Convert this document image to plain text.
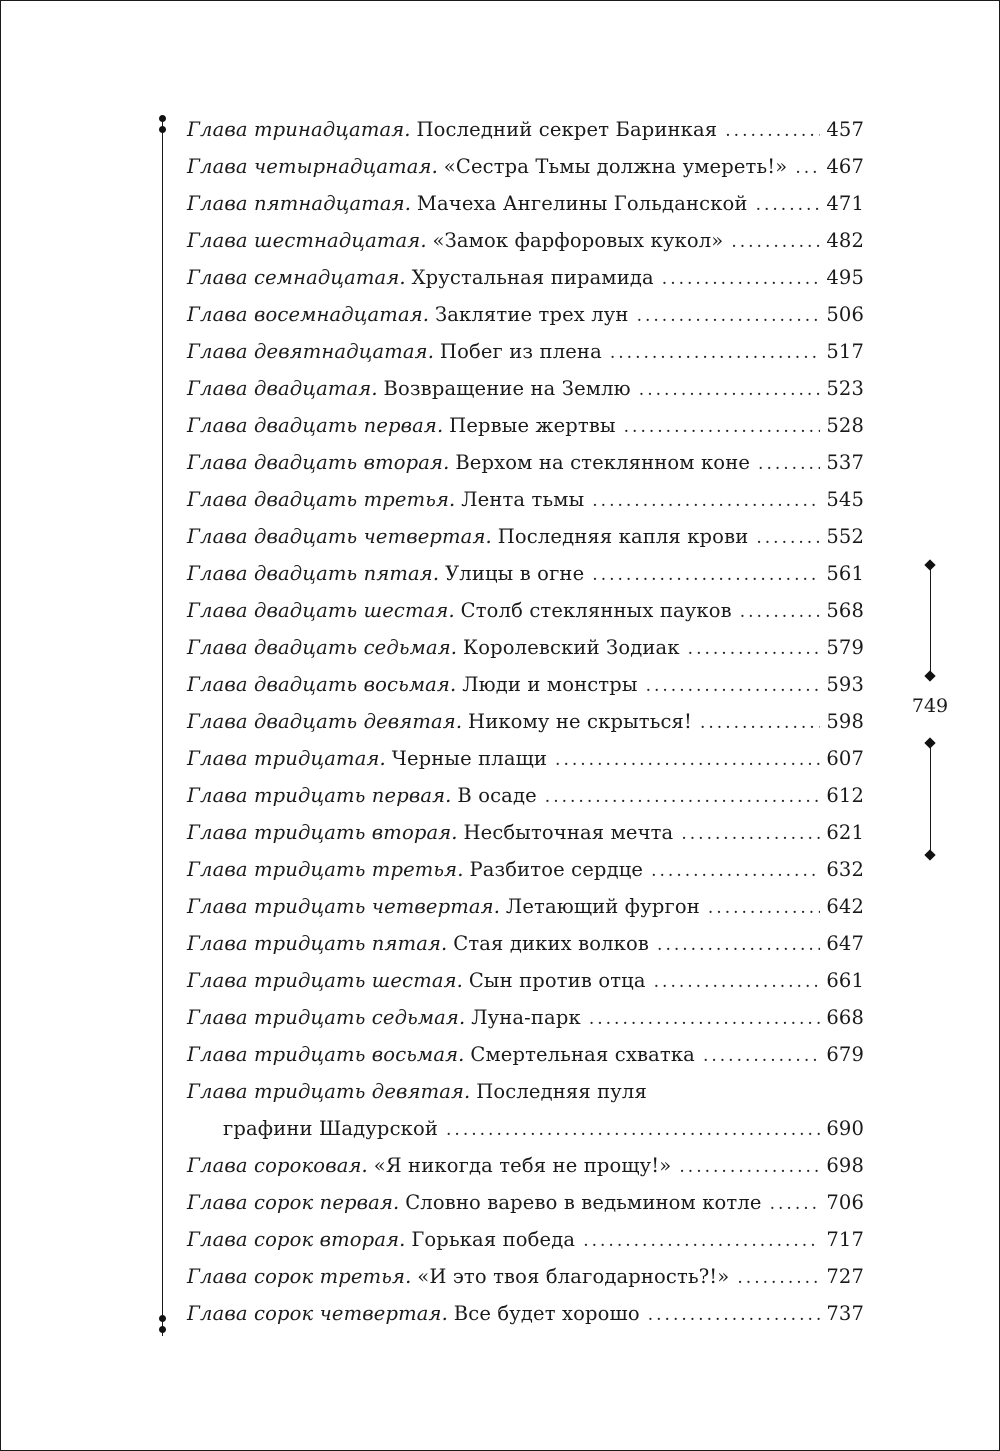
749
Глава тринадцатая. Последний секрет Баринкая . . .	457
Глава четырнадцатая. «Сестра Тьмы должна умереть!» . . . 467
Глава пятнадцатая. Мачеха Ангелины Гольданской . . .	471
Глава шестнадцатая. «Замок фарфоровых кукол» . . .	482
Глава семнадцатая. Хрустальная пирамида . . .	495
Глава восемнадцатая. Заклятие трех лун . . .	506
Глава девятнадцатая. Побег из плена . . .	517
Глава двадцатая. Возвращение на Землю . . .	523
Глава двадцать первая. Первые жертвы . . .	528
Глава двадцать вторая. Верхом на стеклянном коне . . .	537
Глава двадцать третья. Лента тьмы . . .	545
Глава двадцать четвертая. Последняя капля крови . . .	552
Глава двадцать пятая. Улицы в огне . . .	561
Глава двадцать шестая. Столб стеклянных пауков . . .	568
Глава двадцать седьмая. Королевский Зодиак . . .	579
Глава двадцать восьмая. Люди и монстры . . .	593
Глава двадцать девятая. Никому не скрыться! . . .	598
Глава тридцатая. Черные плащи . . .	607
Глава тридцать первая. В осаде . . .	612
Глава тридцать вторая. Несбыточная мечта . . .	621
Глава тридцать третья. Разбитое сердце . . .	632
Глава тридцать четвертая. Летающий фургон . . .	642
Глава тридцать пятая. Стая диких волков . . .	647
Глава тридцать шестая. Сын против отца . . .	661
Глава тридцать седьмая. Луна-парк . . .	668
Глава тридцать восьмая. Смертельная схватка . . .	679
Глава тридцать девятая. Последняя пуля
графини Шадурской . . .	690
Глава сороковая. «Я никогда тебя не прощу!» . . .	698
Глава сорок первая. Словно варево в ведьмином котле . . .	706
Глава сорок вторая. Горькая победа . . .	717
Глава сорок третья. «И это твоя благодарность?!» . . .	727
Глава сорок четвертая. Все будет хорошо . . .	737
